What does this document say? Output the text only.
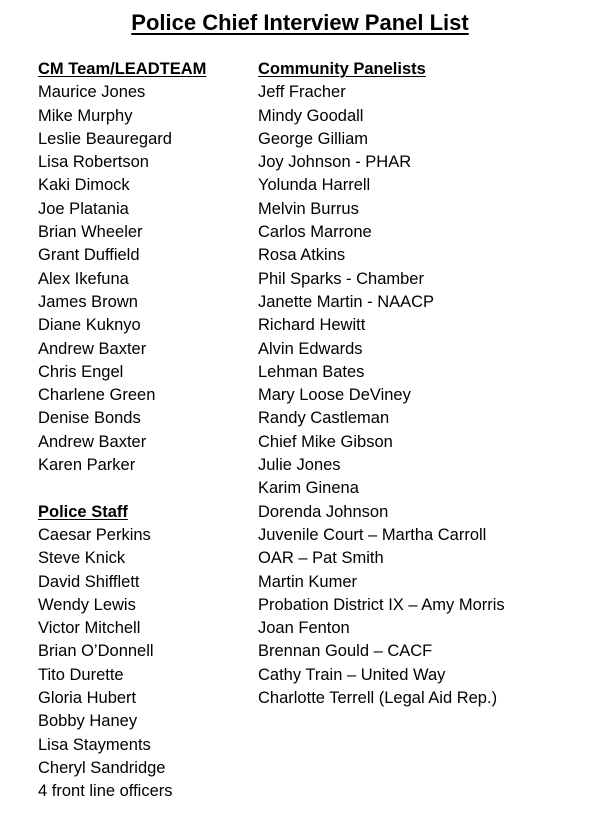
Police Chief Interview Panel List
CM Team/LEADTEAM
Maurice Jones
Mike Murphy
Leslie Beauregard
Lisa Robertson
Kaki Dimock
Joe Platania
Brian Wheeler
Grant Duffield
Alex Ikefuna
James Brown
Diane Kuknyo
Andrew Baxter
Chris Engel
Charlene Green
Denise Bonds
Andrew Baxter
Karen Parker
Police Staff
Caesar Perkins
Steve Knick
David Shifflett
Wendy Lewis
Victor Mitchell
Brian O’Donnell
Tito Durette
Gloria Hubert
Bobby Haney
Lisa Stayments
Cheryl Sandridge
4 front line officers
Community Panelists
Jeff Fracher
Mindy Goodall
George Gilliam
Joy Johnson - PHAR
Yolunda Harrell
Melvin Burrus
Carlos Marrone
Rosa Atkins
Phil Sparks - Chamber
Janette Martin - NAACP
Richard Hewitt
Alvin Edwards
Lehman Bates
Mary Loose DeViney
Randy Castleman
Chief Mike Gibson
Julie Jones
Karim Ginena
Dorenda Johnson
Juvenile Court – Martha Carroll
OAR – Pat Smith
Martin Kumer
Probation District IX – Amy Morris
Joan Fenton
Brennan Gould – CACF
Cathy Train – United Way
Charlotte Terrell (Legal Aid Rep.)
